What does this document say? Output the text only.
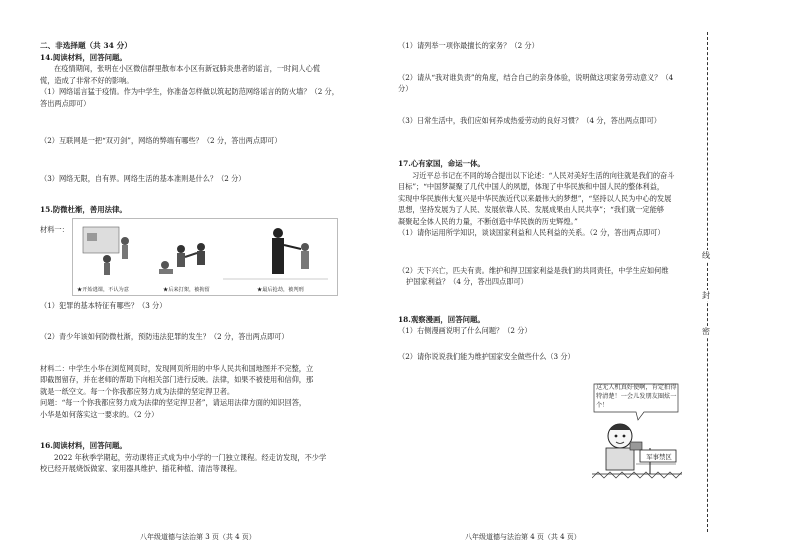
二、非选择题（共 34 分）

14.阅读材料，回答问题。

在疫情期间，张明在小区微信群里散布本小区有新冠肺炎患者的谣言，一时间人心慌

慌，造成了非常不好的影响。

（1）网络谣言猛于疫情。作为中学生，你准备怎样做以筑起防范网络谣言的防火墙？（2 分，

答出两点即可）

（2）互联网是一把“双刃剑”，网络的弊端有哪些？（2 分，答出两点即可）

（3）网络无限，自有界。网络生活的基本准则是什么？（2 分）

15.防微杜渐，善用法律。

材料一：

★开始逃课，不认为意	★后来打架，被拘留	★最后抢劫，被判刑

（1）犯罪的基本特征有哪些？（3 分）

（2）青少年该如何防微杜渐，预防违法犯罪的发生？（2 分，答出两点即可）

材料二：中学生小华在浏览网页时，发现网页所用的中华人民共和国地图并不完整，立

即截图留存，并在老师的帮助下向相关部门进行反映。法律，如果不被使用和信仰，那

就是一纸空文。每一个你我都应努力成为法律的坚定捍卫者。

问题：“每一个你我都应努力成为法律的坚定捍卫者”，请运用法律方面的知识回答，

小华是如何落实这一要求的。（2 分）

16.阅读材料，回答问题。

2022 年秋季学期起，劳动课将正式成为中小学的一门独立课程。经走访发现，不少学

校已经开展烧饭做家、家用器具维护、插花种植、清洁等课程。

八年级道德与法治第 3 页（共 4 页）

（1）请列举一项你最擅长的家务？（2 分）

（2）请从“我对谁负责”的角度，结合自己的亲身体验，说明做这项家务劳动意义？（4

分）

（3）日常生活中，我们应如何养成热爱劳动的良好习惯？（4 分，答出两点即可）

17.心有家国，命运一体。

习近平总书记在不同的场合提出以下论述：“人民对美好生活的向往就是我们的奋斗

目标”；“中国梦凝聚了几代中国人的夙愿，体现了中华民族和中国人民的整体利益，

实现中华民族伟大复兴是中华民族近代以来最伟大的梦想”，“坚持以人民为中心的发展

思想，坚持发展为了人民、发展依靠人民、发展成果由人民共享”；“我们就一定能够

凝聚起全体人民的力量，不断创造中华民族的历史辉煌。”

（1）请你运用所学知识，谈谈国家利益和人民利益的关系。（2 分，答出两点即可）

（2）天下兴亡，匹夫有责。维护和捍卫国家利益是我们的共同责任，中学生应如何维

护国家利益？（4 分，答出四点即可）

18.观察漫画，回答问题。

（1）右侧漫画说明了什么问题？（2 分）

（2）请你说说我们能为维护国家安全做些什么（3 分）

这无人机真好使啊，肯定拍得特清楚！一会儿发朋友圈炫一个！
军事禁区
八年级道德与法治第 4 页（共 4 页）
线
封
密
